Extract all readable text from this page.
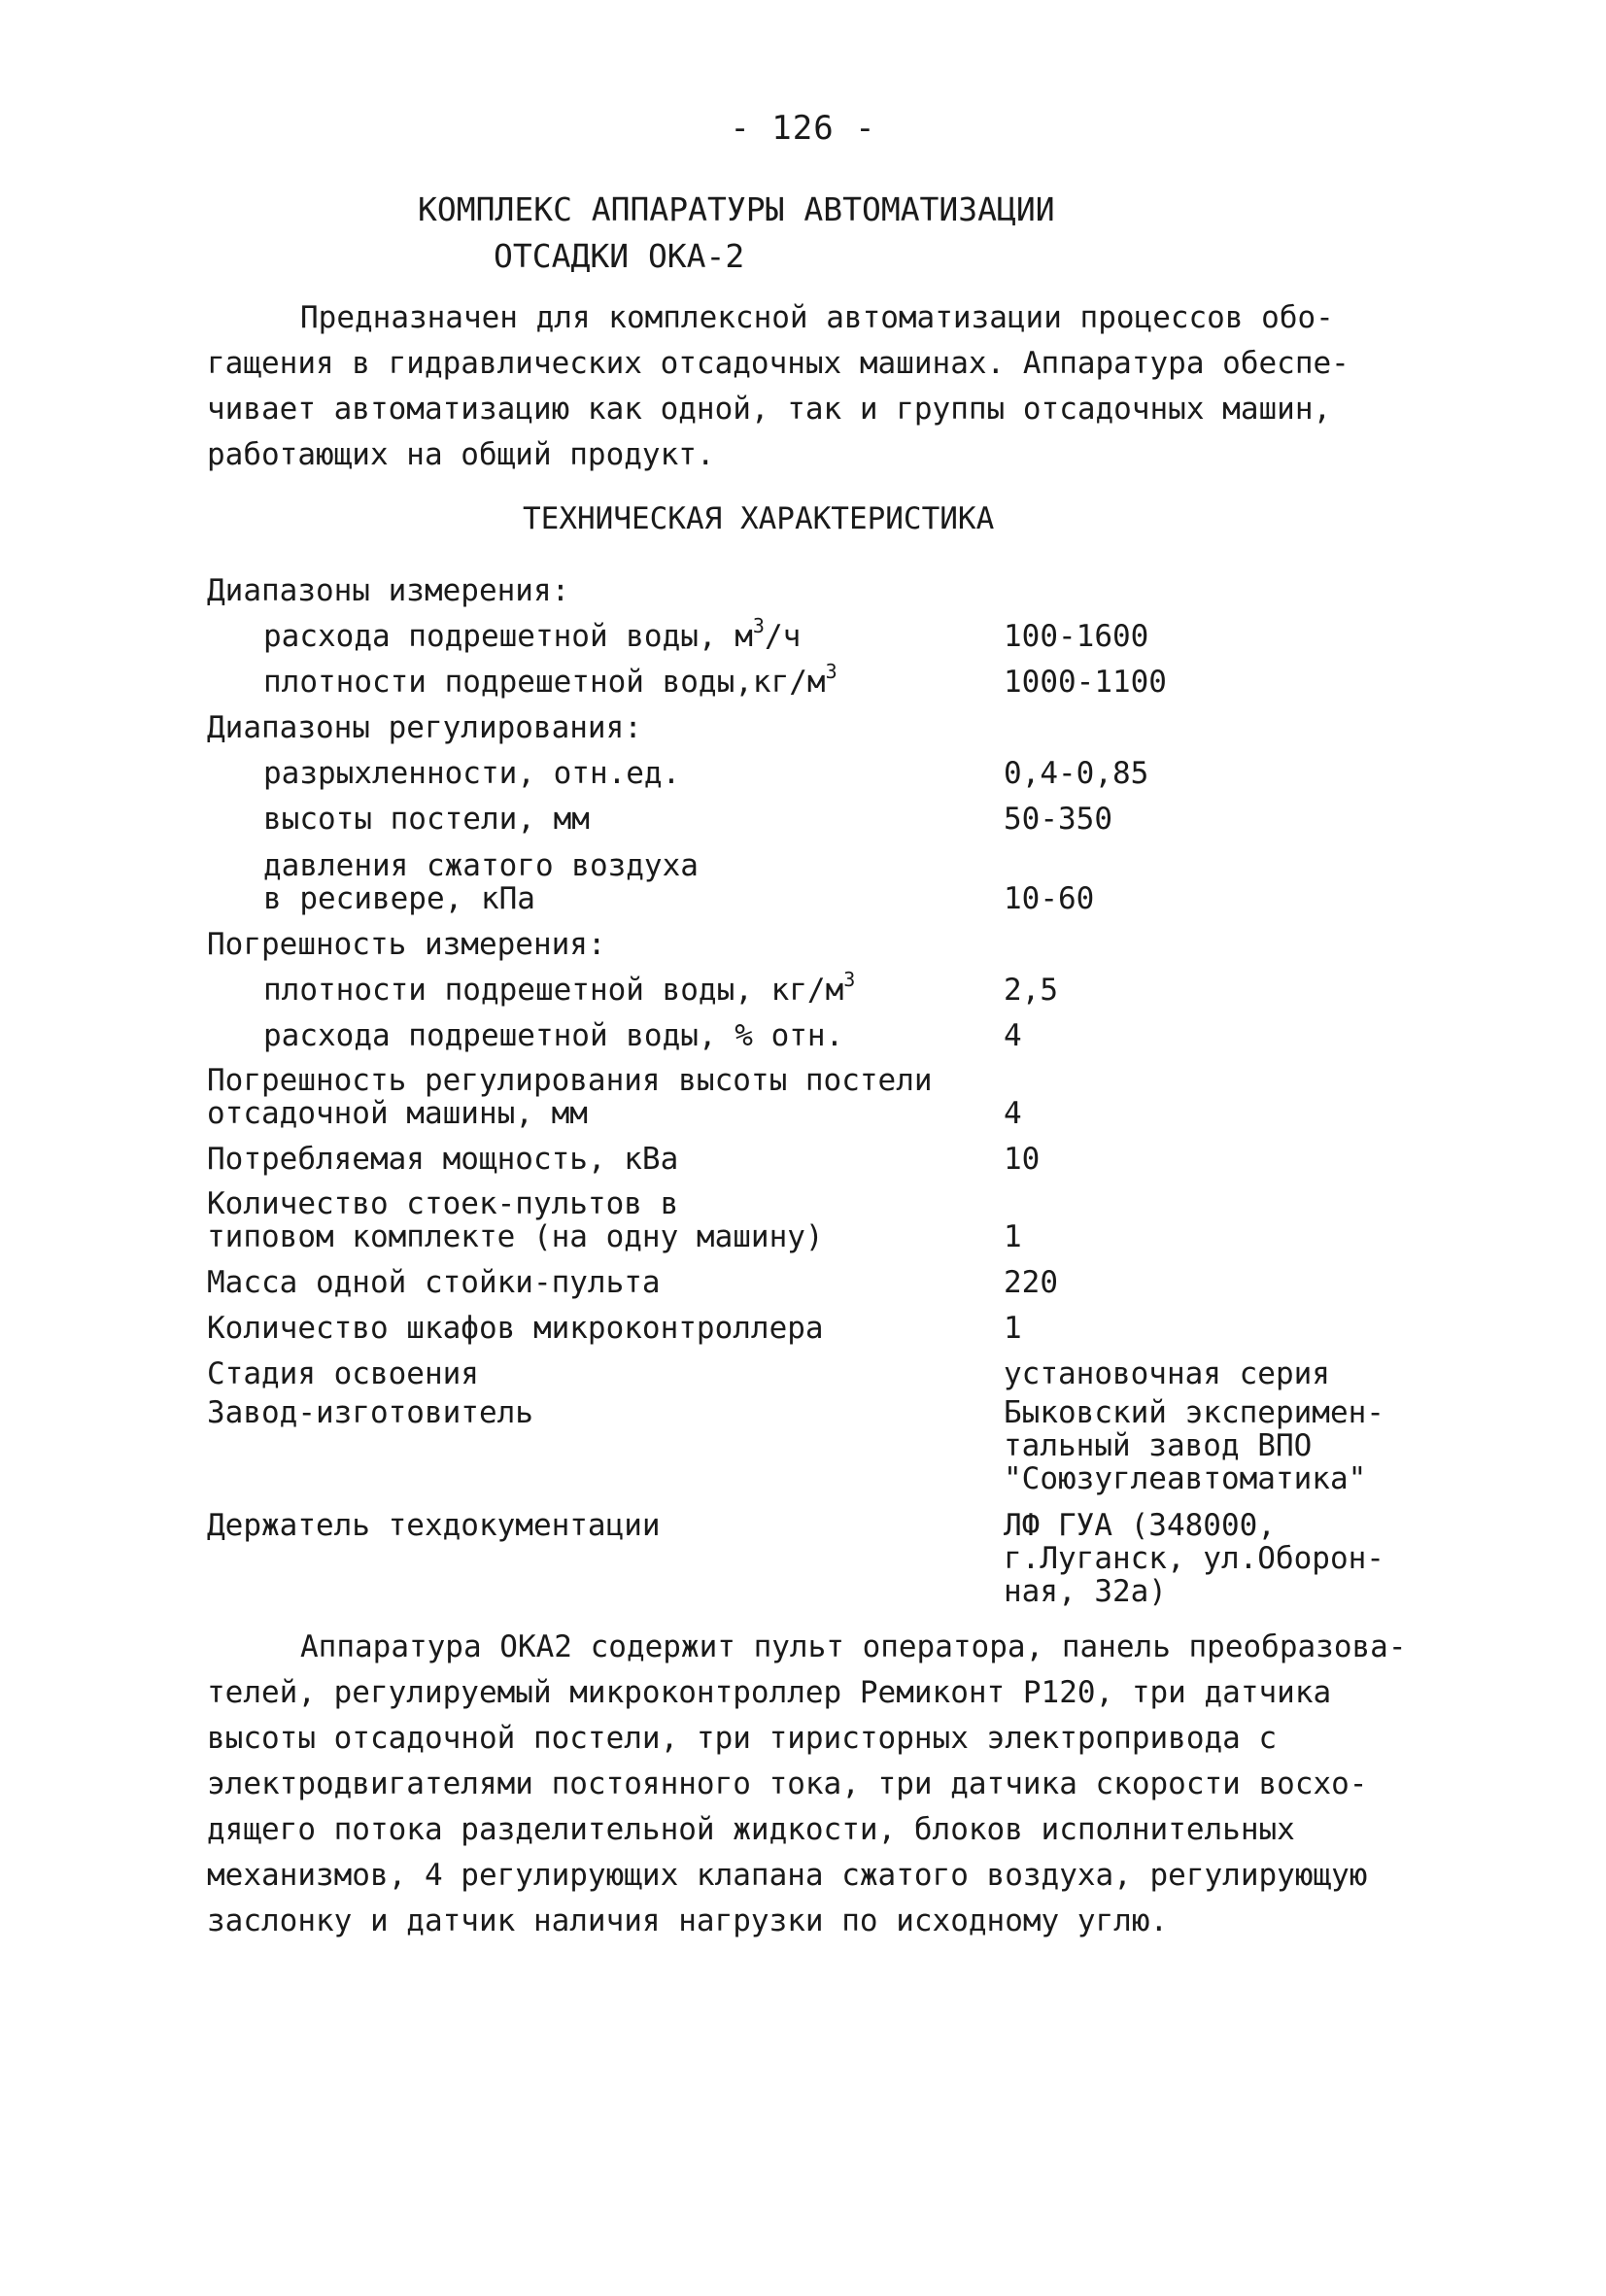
- 126 -
КОМПЛЕКС АППАРАТУРЫ АВТОМАТИЗАЦИИ
ОТСАДКИ ОКА-2

Предназначен для комплексной автоматизации процессов обо-
гащения в гидравлических отсадочных машинах. Аппаратура обеспе-
чивает автоматизацию как одной, так и группы отсадочных машин,
работающих на общий продукт.

ТЕХНИЧЕСКАЯ ХАРАКТЕРИСТИКА
Диапазоны измерения:
расхода подрешетной воды, $м^3/ч$	100-1600
плотности подрешетной $воды,кг/м^3$	1000-1100
Диапазоны регулирования:
разрыхленности, отн.ед.	0,4-0,85
высоты постели, мм	50-350
давления сжатого воздуха
в ресивере, кПа	10-60
Погрешность измерения:
плотности подрешетной воды, $кг/м^3$	2,5
расхода подрешетной воды, % отн.	4
Погрешность регулирования высоты постели
отсадочной машины, мм	4
Потребляемая мощность, кВа	10
Количество стоек-пультов в
типовом комплекте (на одну машину)	1
Масса одной стойки-пульта	220
Количество шкафов микроконтроллера	1
Стадия освоения	установочная серия
Завод-изготовитель	Быковский эксперимен-
тальный завод ВПО
"Союзуглеавтоматика"
Держатель техдокументации	ЛФ ГУА (348000,
г.Луганск, ул.Оборон-
ная, 32а)

Аппаратура ОКА2 содержит пульт оператора, панель преобразова-
телей, регулируемый микроконтроллер Ремиконт Р120, три датчика
высоты отсадочной постели, три тиристорных электропривода с
электродвигателями постоянного тока, три датчика скорости восхо-
дящего потока разделительной жидкости, блоков исполнительных
механизмов, 4 регулирующих клапана сжатого воздуха, регулирующую
заслонку и датчик наличия нагрузки по исходному углю.
